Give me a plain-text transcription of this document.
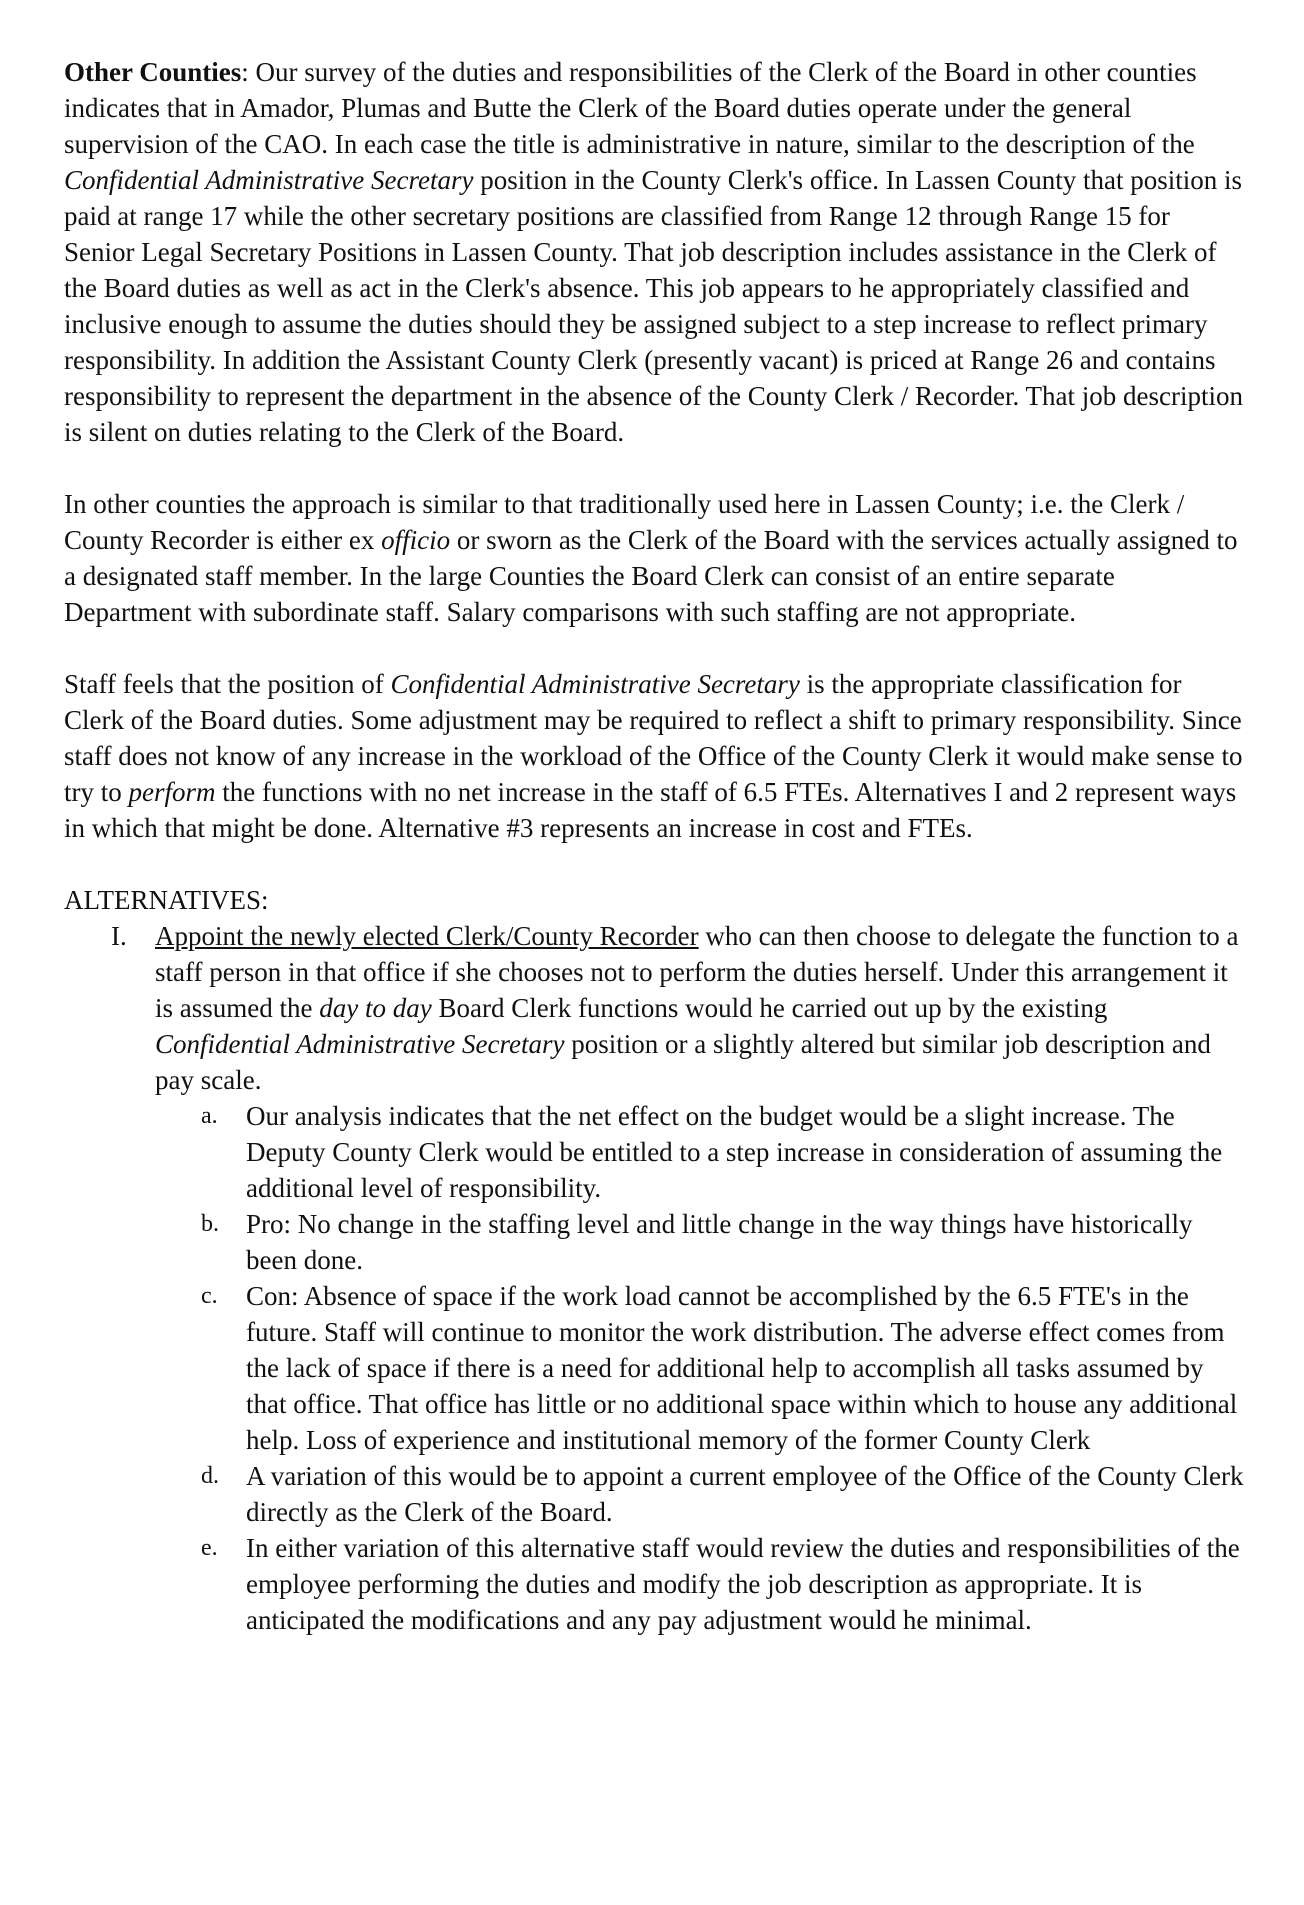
Other Counties: Our survey of the duties and responsibilities of the Clerk of the Board in other counties indicates that in Amador, Plumas and Butte the Clerk of the Board duties operate under the general supervision of the CAO. In each case the title is administrative in nature, similar to the description of the Confidential Administrative Secretary position in the County Clerk's office. In Lassen County that position is paid at range 17 while the other secretary positions are classified from Range 12 through Range 15 for Senior Legal Secretary Positions in Lassen County. That job description includes assistance in the Clerk of the Board duties as well as act in the Clerk's absence. This job appears to he appropriately classified and inclusive enough to assume the duties should they be assigned subject to a step increase to reflect primary responsibility. In addition the Assistant County Clerk (presently vacant) is priced at Range 26 and contains responsibility to represent the department in the absence of the County Clerk / Recorder. That job description is silent on duties relating to the Clerk of the Board.

In other counties the approach is similar to that traditionally used here in Lassen County; i.e. the Clerk / County Recorder is either ex officio or sworn as the Clerk of the Board with the services actually assigned to a designated staff member. In the large Counties the Board Clerk can consist of an entire separate Department with subordinate staff. Salary comparisons with such staffing are not appropriate.

Staff feels that the position of Confidential Administrative Secretary is the appropriate classification for Clerk of the Board duties. Some adjustment may be required to reflect a shift to primary responsibility. Since staff does not know of any increase in the workload of the Office of the County Clerk it would make sense to try to perform the functions with no net increase in the staff of 6.5 FTEs. Alternatives I and 2 represent ways in which that might be done. Alternative #3 represents an increase in cost and FTEs.

ALTERNATIVES:
I. Appoint the newly elected Clerk/County Recorder who can then choose to delegate the function to a staff person in that office if she chooses not to perform the duties herself. Under this arrangement it is assumed the day to day Board Clerk functions would he carried out up by the existing Confidential Administrative Secretary position or a slightly altered but similar job description and pay scale.
a. Our analysis indicates that the net effect on the budget would be a slight increase. The Deputy County Clerk would be entitled to a step increase in consideration of assuming the additional level of responsibility.
b. Pro: No change in the staffing level and little change in the way things have historically been done.
c. Con: Absence of space if the work load cannot be accomplished by the 6.5 FTE's in the future. Staff will continue to monitor the work distribution. The adverse effect comes from the lack of space if there is a need for additional help to accomplish all tasks assumed by that office. That office has little or no additional space within which to house any additional help. Loss of experience and institutional memory of the former County Clerk
d. A variation of this would be to appoint a current employee of the Office of the County Clerk directly as the Clerk of the Board.
e. In either variation of this alternative staff would review the duties and responsibilities of the employee performing the duties and modify the job description as appropriate. It is anticipated the modifications and any pay adjustment would he minimal.
